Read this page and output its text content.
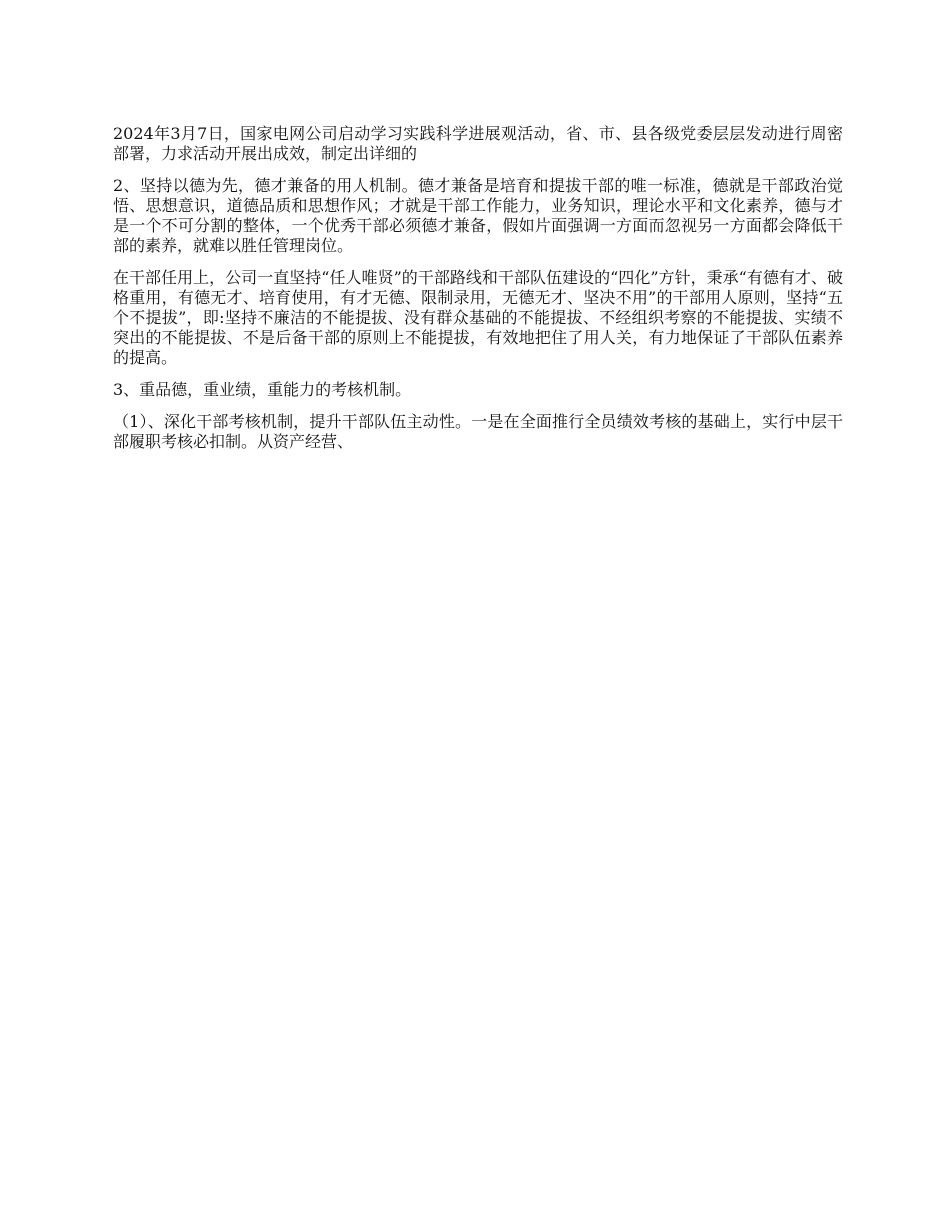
2024年3月7日，国家电网公司启动学习实践科学进展观活动，省、市、县各级党委层层发动进行周密部署，力求活动开展出成效，制定出详细的

2、坚持以德为先，德才兼备的用人机制。德才兼备是培育和提拔干部的唯一标准，德就是干部政治觉悟、思想意识，道德品质和思想作风；才就是干部工作能力，业务知识，理论水平和文化素养，德与才是一个不可分割的整体，一个优秀干部必须德才兼备，假如片面强调一方面而忽视另一方面都会降低干部的素养，就难以胜任管理岗位。

在干部任用上，公司一直坚持“任人唯贤”的干部路线和干部队伍建设的“四化”方针，秉承“有德有才、破格重用，有德无才、培育使用，有才无德、限制录用，无德无才、坚决不用”的干部用人原则，坚持“五个不提拔”，即:坚持不廉洁的不能提拔、没有群众基础的不能提拔、不经组织考察的不能提拔、实绩不突出的不能提拔、不是后备干部的原则上不能提拔，有效地把住了用人关，有力地保证了干部队伍素养的提高。

3、重品德，重业绩，重能力的考核机制。

（1）、深化干部考核机制，提升干部队伍主动性。一是在全面推行全员绩效考核的基础上，实行中层干部履职考核必扣制。从资产经营、
